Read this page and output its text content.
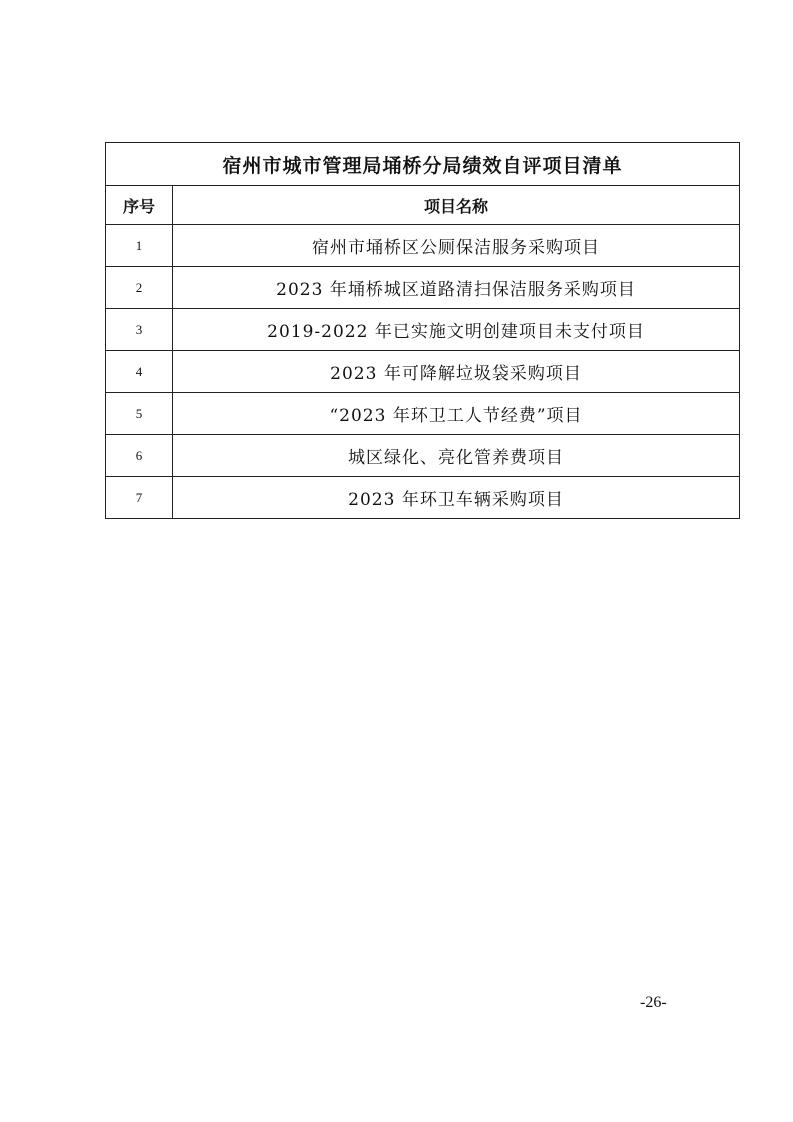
宿州市城市管理局埇桥分局绩效自评项目清单	
序号	项目名称
1	宿州市埇桥区公厕保洁服务采购项目
2	2023 年埇桥城区道路清扫保洁服务采购项目
3	2019-2022 年已实施文明创建项目未支付项目
4	2023 年可降解垃圾袋采购项目
5	“2023 年环卫工人节经费”项目
6	城区绿化、亮化管养费项目
7	2023 年环卫车辆采购项目
-26-
